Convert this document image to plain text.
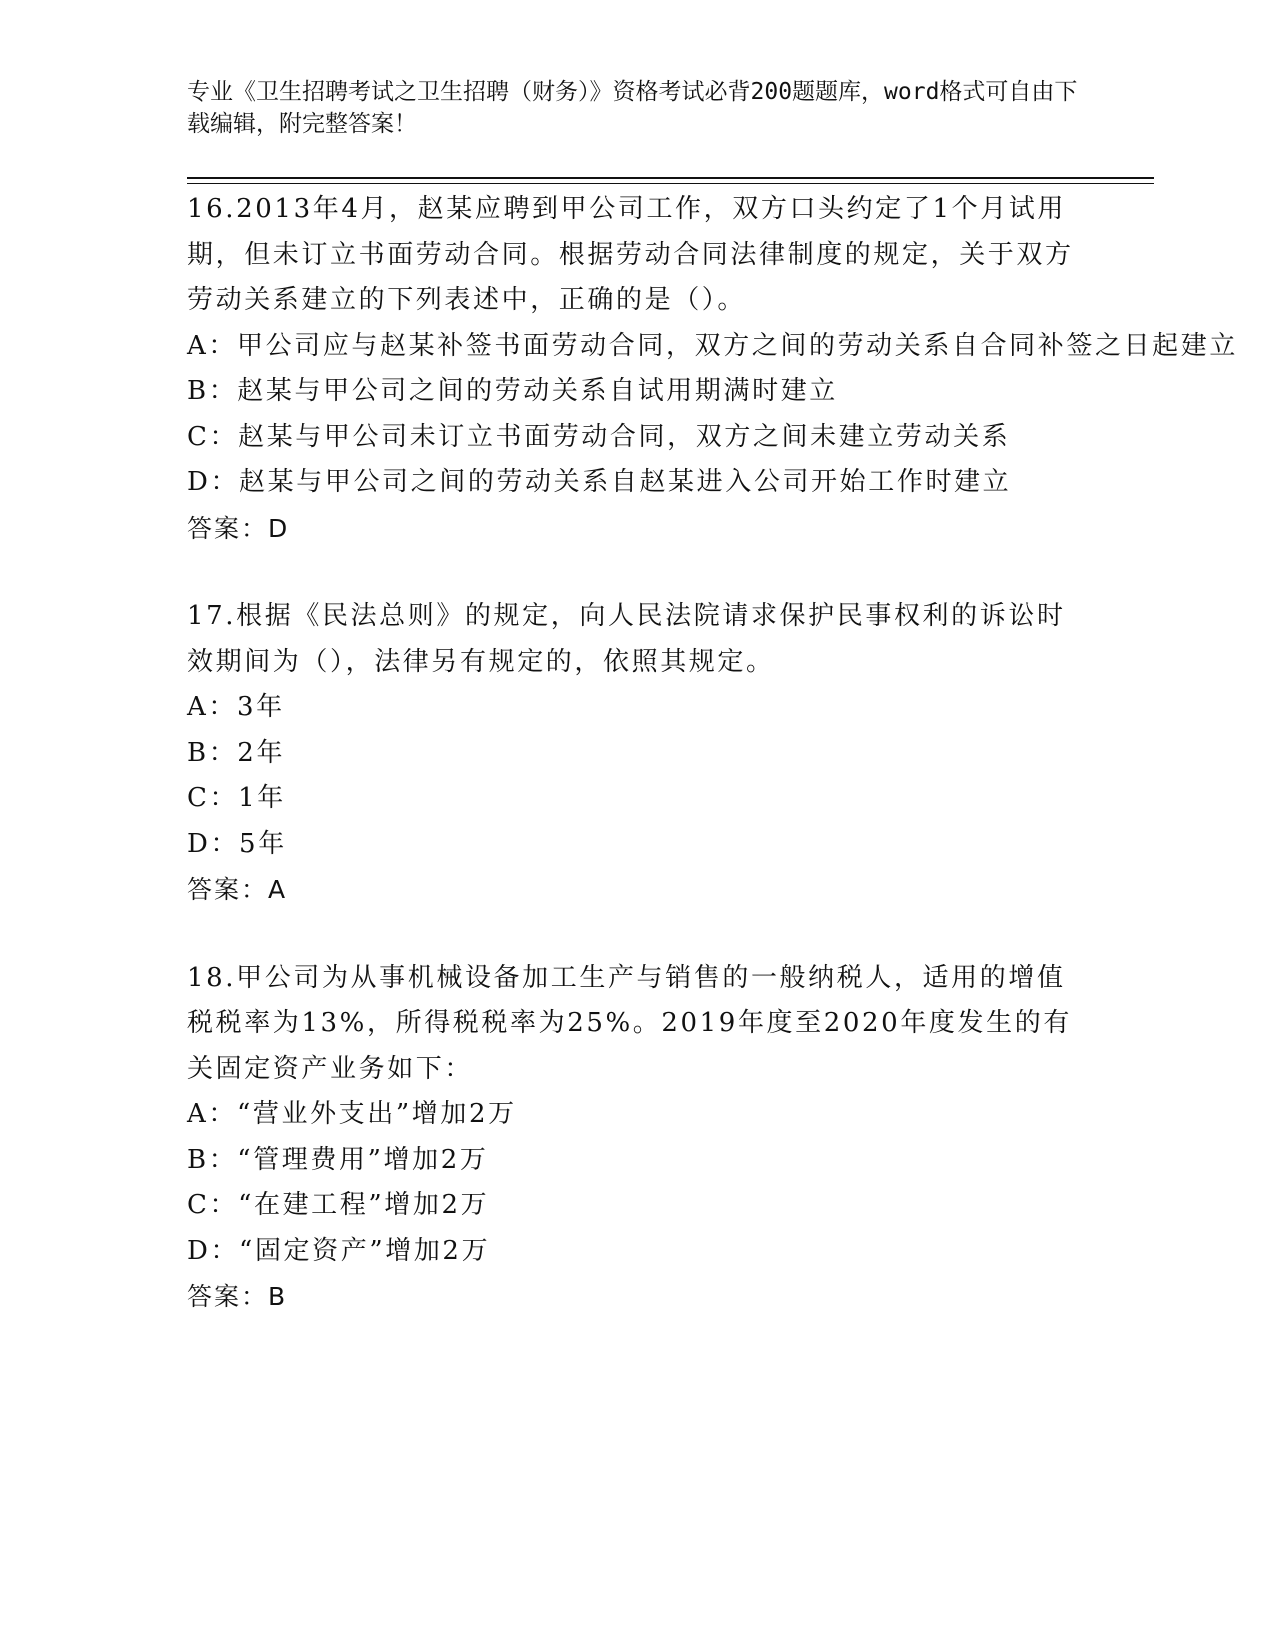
专业《卫生招聘考试之卫生招聘（财务）》资格考试必背200题题库，word格式可自由下载编辑，附完整答案！
16.2013年4月，赵某应聘到甲公司工作，双方口头约定了1个月试用期，但未订立书面劳动合同。根据劳动合同法律制度的规定，关于双方劳动关系建立的下列表述中，正确的是（）。
A：甲公司应与赵某补签书面劳动合同，双方之间的劳动关系自合同补签之日起建立
B：赵某与甲公司之间的劳动关系自试用期满时建立
C：赵某与甲公司未订立书面劳动合同，双方之间未建立劳动关系
D：赵某与甲公司之间的劳动关系自赵某进入公司开始工作时建立
答案：D
17.根据《民法总则》的规定，向人民法院请求保护民事权利的诉讼时效期间为（），法律另有规定的，依照其规定。
A：3年
B：2年
C：1年
D：5年
答案：A
18.甲公司为从事机械设备加工生产与销售的一般纳税人，适用的增值税税率为13%，所得税税率为25%。2019年度至2020年度发生的有关固定资产业务如下：
A：“营业外支出”增加2万
B：“管理费用”增加2万
C：“在建工程”增加2万
D：“固定资产”增加2万
答案：B
